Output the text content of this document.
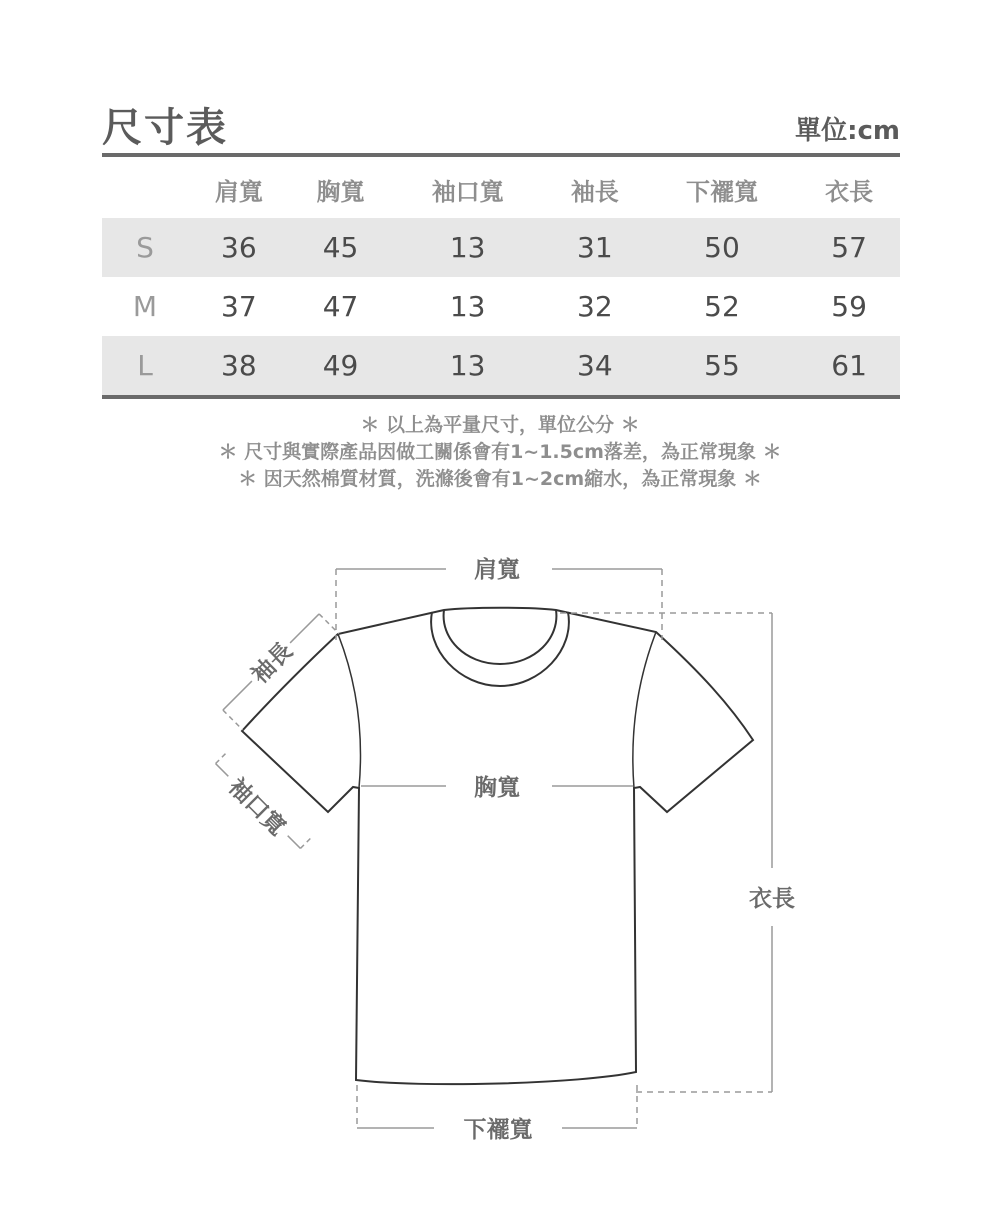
尺寸表	單位:cm
	肩寬	胸寬	袖口寬	袖長	下襬寬	衣長
S	36	45	13	31	50	57
M	37	47	13	32	52	59
L	38	49	13	34	55	61
＊ 以上為平量尺寸，單位公分 ＊
＊ 尺寸與實際產品因做工關係會有1~1.5cm落差，為正常現象 ＊
＊ 因天然棉質材質，洗滌後會有1~2cm縮水，為正常現象 ＊
肩寬
胸寬
衣長
下襬寬
袖長
袖口寬
